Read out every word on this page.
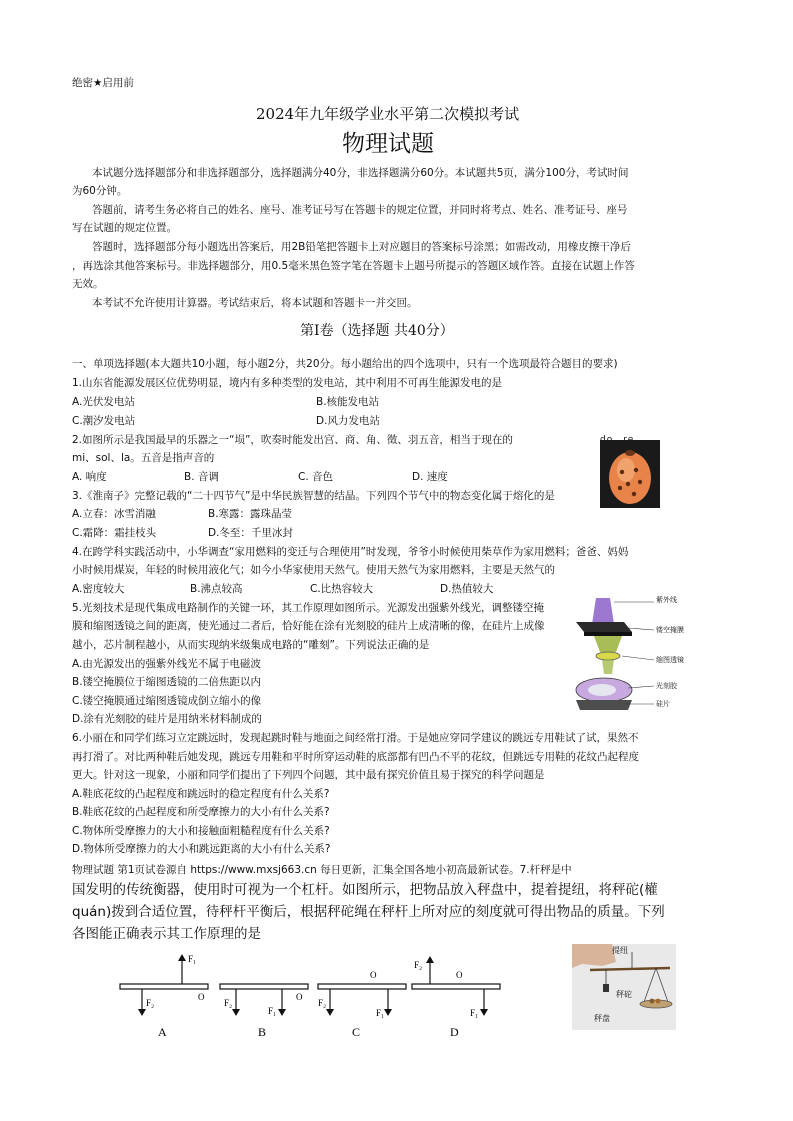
绝密★启用前
2024年九年级学业水平第二次模拟考试
物理试题
本试题分选择题部分和非选择题部分，选择题满分40分，非选择题满分60分。本试题共5页，满分100分，考试时间
为60分钟。
答题前，请考生务必将自己的姓名、座号、准考证号写在答题卡的规定位置，并同时将考点、姓名、准考证号、座号
写在试题的规定位置。
答题时，选择题部分每小题选出答案后，用2B铅笔把答题卡上对应题目的答案标号涂黑；如需改动，用橡皮擦干净后
，再选涂其他答案标号。非选择题部分，用0.5毫米黑色签字笔在答题卡上题号所提示的答题区域作答。直接在试题上作答
无效。
本考试不允许使用计算器。考试结束后，将本试题和答题卡一并交回。
第Ⅰ卷（选择题 共40分）
一、单项选择题(本大题共10小题，每小题2分，共20分。每小题给出的四个选项中，只有一个选项最符合题目的要求)
1.山东省能源发展区位优势明显，境内有多种类型的发电站，其中利用不可再生能源发电的是
A.光伏发电站	B.核能发电站
C.潮汐发电站	D.风力发电站
2.如图所示是我国最早的乐器之一“埙”，吹奏时能发出宫、商、角、徵、羽五音，相当于现在的
mi、sol、la。五音是指声音的
A. 响度	B. 音调	C. 音色	D. 速度
3.《淮南子》完整记载的“二十四节气”是中华民族智慧的结晶。下列四个节气中的物态变化属于熔化的是
A.立春：冰雪消融	B.寒露：露珠晶莹
C.霜降：霜挂枝头	D.冬至：千里冰封
4.在跨学科实践活动中，小华调查“家用燃料的变迁与合理使用”时发现，爷爷小时候使用柴草作为家用燃料；爸爸、妈妈
小时候用煤炭，年轻的时候用液化气；如今小华家使用天然气。使用天然气为家用燃料，主要是天然气的
A.密度较大	B.沸点较高	C.比热容较大	D.热值较大
5.光刻技术是现代集成电路制作的关键一环，其工作原理如图所示。光源发出强紫外线光，调整镂空掩
膜和缩图透镜之间的距离，使光通过二者后，恰好能在涂有光刻胶的硅片上成清晰的像，在硅片上成像
越小，芯片制程越小，从而实现纳米级集成电路的“雕刻”。下列说法正确的是
A.由光源发出的强紫外线光不属于电磁波
B.镂空掩膜位于缩图透镜的二倍焦距以内
C.镂空掩膜通过缩图透镜成倒立缩小的像
D.涂有光刻胶的硅片是用纳米材料制成的
紫外线
镂空掩膜
缩图透镜
光刻胶
硅片
6.小丽在和同学们练习立定跳远时，发现起跳时鞋与地面之间经常打滑。于是她应穿同学建议的跳远专用鞋试了试，果然不
再打滑了。对比两种鞋后她发现，跳远专用鞋和平时所穿运动鞋的底部都有凹凸不平的花纹，但跳远专用鞋的花纹凸起程度
更大。针对这一现象，小丽和同学们提出了下列四个问题，其中最有探究价值且易于探究的科学问题是
A.鞋底花纹的凸起程度和跳远时的稳定程度有什么关系?
B.鞋底花纹的凸起程度和所受摩擦力的大小有什么关系?
C.物体所受摩擦力的大小和接触面粗糙程度有什么关系?
D.物体所受摩擦力的大小和跳远距离的大小有什么关系?
物理试题 第1页试卷源自 https://www.mxsj663.cn 每日更新，汇集全国各地小初高最新试卷。7.杆秤是中
国发明的传统衡器，使用时可视为一个杠杆。如图所示，把物品放入秤盘中，提着提纽，将秤砣(權
quán)拨到合适位置，待秤杆平衡后，根据秤砣绳在秤杆上所对应的刻度就可得出物品的质量。下列
各图能正确表示其工作原理的是
F₁
F₂
O
A
F₂
F₁
O
B
F₂
F₁
O
C
F₂
F₁
O
D
提纽
秤砣
秤盘
